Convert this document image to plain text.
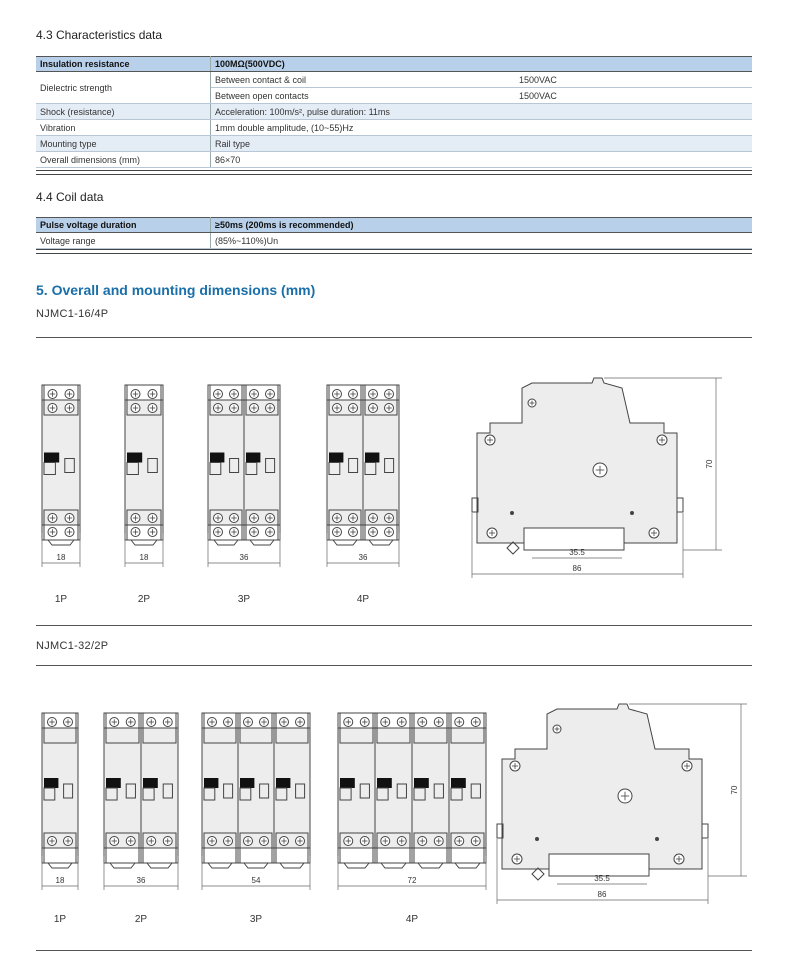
4.3 Characteristics data
Insulation resistance	100MΩ(500VDC)	
Dielectric strength	Between contact & coil	1500VAC
	Between open contacts	1500VAC
Shock (resistance)	Acceleration: 100m/s², pulse duration: 11ms	
Vibration	1mm double amplitude, (10~55)Hz	
Mounting type	Rail type	
Overall dimensions (mm)	86×70	
4.4 Coil data
Pulse voltage duration	≥50ms (200ms is recommended)
Voltage range	(85%~110%)Un
5. Overall and mounting dimensions (mm)
NJMC1-16/4P
18
1P
18
2P
36
3P
36
4P
70
35.5
86
NJMC1-32/2P
18
1P
36
2P
54
3P
72
4P
70
35.5
86
